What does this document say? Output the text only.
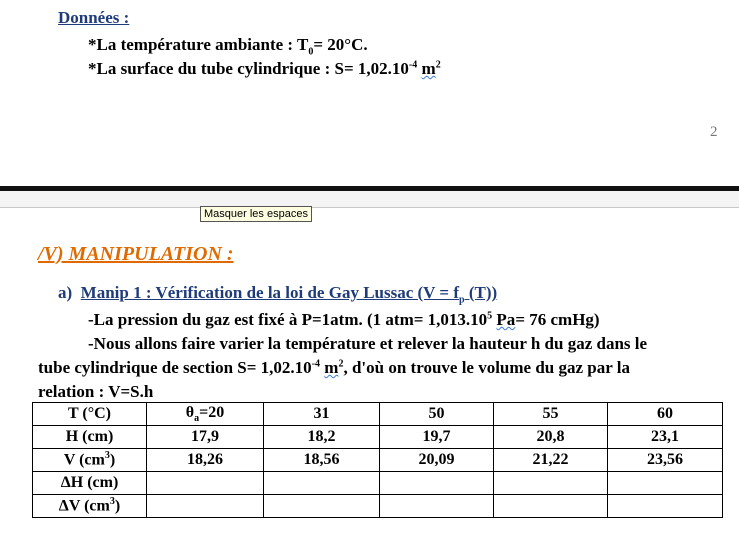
Données :
*La température ambiante : $T_0= 20^\circ C$.
*La surface du tube cylindrique : $S= 1,02.10^{-4}$ $m^2$
2
Masquer les espaces
/V) MANIPULATION :
a) Manip 1 : Vérification de la loi de Gay Lussac ($V = f_p$ (T))
-La pression du gaz est fixé à P=1atm. (1 $atm= 1,013.10^5$ Pa= 76 cmHg)
-Nous allons faire varier la température et relever la hauteur h du gaz dans le
tube cylindrique de section $S= 1,02.10^{-4}$ $m^2$, d'où on trouve le volume du gaz par la
relation : V=S.h
T (°C)	$\theta_a=20$	31	50	55	60
H (cm)	17,9	18,2	19,7	20,8	23,1
V $(cm^3)$	18,26	18,56	20,09	21,22	23,56
ΔH (cm)					
ΔV $(cm^3)$					
